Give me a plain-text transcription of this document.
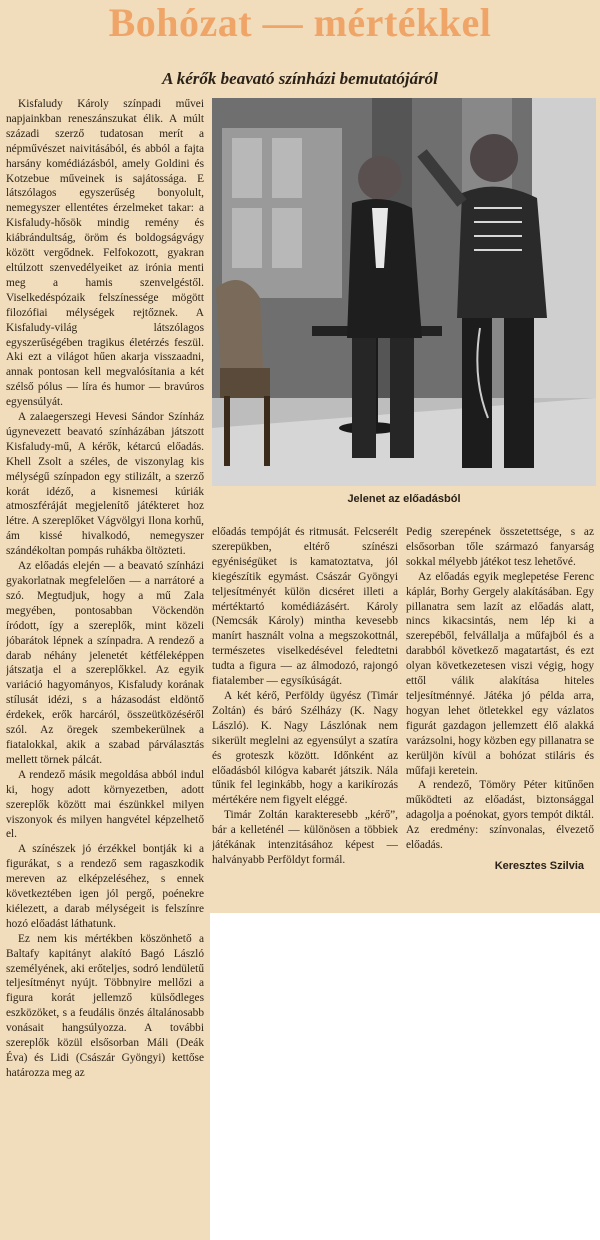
Bohózat — mértékkel
A kérők beavató színházi bemutatójáról

Kisfaludy Károly színpadi művei napjainkban reneszánszukat élik. A múlt századi szerző tudatosan merít a népművészet naivitásából, és abból a fajta harsány komédiázásból, amely Goldini és Kotzebue műveinek is sajátossága. E látszólagos egyszerűség bonyolult, nemegyszer ellentétes érzelmeket takar: a Kisfaludy-hősök mindig remény és kiábrándultság, öröm és boldogságvágy között vergődnek. Felfokozott, gyakran eltúlzott szenvedélyeiket az irónia menti meg a hamis szenvelgéstől. Viselkedéspózaik felszínessége mögött filozófiai mélységek rejtőznek. A Kisfaludy-világ látszólagos egyszerűségében tragikus életérzés feszül. Aki ezt a világot hűen akarja visszaadni, annak pontosan kell megvalósítania a két szélső pólus — líra és humor — bravúros egyensúlyát.

A zalaegerszegi Hevesi Sándor Színház úgynevezett beavató színházában játszott Kisfaludy-mű, A kérők, kétarcú előadás. Khell Zsolt a széles, de viszonylag kis mélységű színpadon egy stilizált, a szerző korát idéző, a kisnemesi kúriák atmoszféráját megjelenítő játékteret hoz létre. A szereplőket Vágvölgyi Ilona korhű, ám kissé hivalkodó, nemegyszer szándékoltan pompás ruhákba öltözteti.

Az előadás elején — a beavató színházi gyakorlatnak megfelelően — a narrátoré a szó. Megtudjuk, hogy a mű Zala megyében, pontosabban Vöckendön íródott, így a szereplők, mint közeli jóbarátok lépnek a színpadra. A rendező a darab néhány jelenetét kétféleképpen játszatja el a szereplőkkel. Az egyik variáció hagyományos, Kisfaludy korának stílusát idézi, s a házasodást eldöntő érdekek, erők harcáról, összeütközéséről szól. Az öregek szembekerülnek a fiatalokkal, akik a szabad párválasztás mellett törnek pálcát.

A rendező másik megoldása abból indul ki, hogy adott környezetben, adott szereplők között mai észünkkel milyen viszonyok és milyen hangvétel képzelhető el.

A színészek jó érzékkel bontják ki a figurákat, s a rendező sem ragaszkodik mereven az elképzeléséhez, s ennek következtében igen jól pergő, poénekre kiélezett, a darab mélységeit is felszínre hozó előadást láthatunk.

Ez nem kis mértékben köszönhető a Baltafy kapitányt alakító Bagó László személyének, aki erőteljes, sodró lendületű teljesítményt nyújt. Többnyire mellőzi a figura korát jellemző külsődleges eszközöket, s a feudális önzés általánosabb vonásait hangsúlyozza. A további szereplők közül elsősorban Máli (Deák Éva) és Lidi (Császár Gyöngyi) kettőse határozza meg az

Jelenet az előadásból

előadás tempóját és ritmusát. Felcserélt szerepükben, eltérő színészi egyéniségüket is kamatoztatva, jól kiegészítik egymást. Császár Gyöngyi teljesítményét külön dicséret illeti a mértéktartó komédiázásért. Károly (Nemcsák Károly) mintha kevesebb manírt használt volna a megszokottnál, természetes viselkedésével feledtetni tudta a figura — az álmodozó, rajongó fiatalember — egysíkúságát.

A két kérő, Perföldy ügyész (Timár Zoltán) és báró Szélházy (K. Nagy László). K. Nagy Lászlónak nem sikerült meglelni az egyensúlyt a szatíra és groteszk között. Időnként az előadásból kilógva kabarét játszik. Nála tűnik fel leginkább, hogy a karikírozás mértékére nem figyelt eléggé.

Timár Zoltán karakteresebb „kérő”, bár a kelleténél — különösen a többiek játékának intenzitásához képest — halványabb Perföldyt formál.

Pedig szerepének összetettsége, s az elsősorban tőle származó fanyarság sokkal mélyebb játékot tesz lehetővé.

Az előadás egyik meglepetése Ferenc káplár, Borhy Gergely alakításában. Egy pillanatra sem lazít az előadás alatt, nincs kikacsintás, nem lép ki a szerepéből, felvállalja a műfajból és a darabból következő magatartást, és ezt olyan következetesen viszi végig, hogy ettől válik alakítása hiteles teljesítménnyé. Játéka jó példa arra, hogyan lehet ötletekkel egy vázlatos figurát gazdagon jellemzett élő alakká varázsolni, hogy közben egy pillanatra se kerüljön kívül a bohózat stiláris és műfaji keretein.

A rendező, Tömöry Péter kitűnően működteti az előadást, biztonsággal adagolja a poénokat, gyors tempót diktál. Az eredmény: színvonalas, élvezető előadás.

Keresztes Szilvia
